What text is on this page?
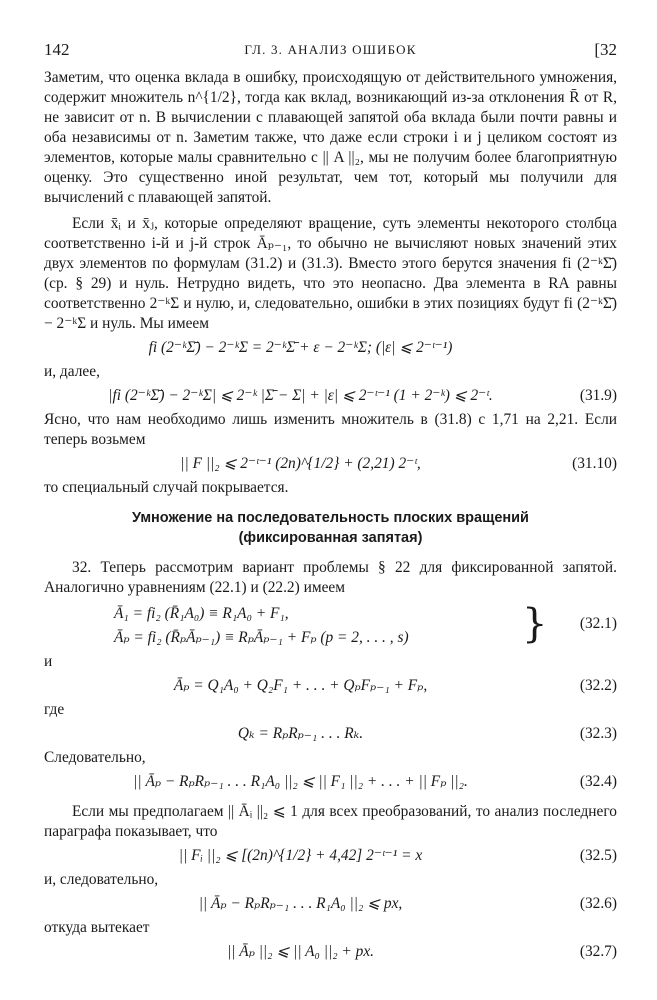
142	ГЛ. 3. АНАЛИЗ ОШИБОК	[32

Заметим, что оценка вклада в ошибку, происходящую от действительного умножения, содержит множитель n^{1/2}, тогда как вклад, возникающий из-за отклонения R̄ от R, не зависит от n. В вычислении с плавающей запятой оба вклада были почти равны и оба независимы от n. Заметим также, что даже если строки i и j целиком состоят из элементов, которые малы сравнительно с || A ||₂, мы не получим более благоприятную оценку. Это существенно иной результат, чем тот, который мы получили для вычислений с плавающей запятой.

Если x̄ᵢ и x̄ⱼ, которые определяют вращение, суть элементы некоторого столбца соответственно i-й и j-й строк Āₚ₋₁, то обычно не вычисляют новых значений этих двух элементов по формулам (31.2) и (31.3). Вместо этого берутся значения fi (2⁻ᵏΣ̄) (ср. § 29) и нуль. Нетрудно видеть, что это неопасно. Два элемента в RA равны соответственно 2⁻ᵏΣ и нулю, и, следовательно, ошибки в этих позициях будут fi (2⁻ᵏΣ̄) − 2⁻ᵏΣ и нуль. Мы имеем

fi (2⁻ᵏΣ̄) − 2⁻ᵏΣ = 2⁻ᵏΣ̄ + ε − 2⁻ᵏΣ; (|ε| ⩽ 2⁻ᵗ⁻¹)

и, далее,

|fi (2⁻ᵏΣ̄) − 2⁻ᵏΣ| ⩽ 2⁻ᵏ |Σ̄ − Σ| + |ε| ⩽ 2⁻ᵗ⁻¹ (1 + 2⁻ᵏ) ⩽ 2⁻ᵗ.	(31.9)

Ясно, что нам необходимо лишь изменить множитель в (31.8) с 1,71 на 2,21. Если теперь возьмем

|| F ||₂ ⩽ 2⁻ᵗ⁻¹ (2n)^{1/2} + (2,21) 2⁻ᵗ,	(31.10)

то специальный случай покрывается.

Умножение на последовательность плоских вращений
(фиксированная запятая)

32. Теперь рассмотрим вариант проблемы § 22 для фиксированной запятой. Аналогично уравнениям (22.1) и (22.2) имеем

Ā₁ = fi₂ (R̄₁A₀) ≡ R₁A₀ + F₁,
Āₚ = fi₂ (R̄ₚĀₚ₋₁) ≡ RₚĀₚ₋₁ + Fₚ (p = 2, . . . , s)	} (32.1)

и

Āₚ = Q₁A₀ + Q₂F₁ + . . . + QₚFₚ₋₁ + Fₚ,	(32.2)

где

Qₖ = RₚRₚ₋₁ . . . Rₖ.	(32.3)

Следовательно,

|| Āₚ − RₚRₚ₋₁ . . . R₁A₀ ||₂ ⩽ || F₁ ||₂ + . . . + || Fₚ ||₂.	(32.4)

Если мы предполагаем || Āᵢ ||₂ ⩽ 1 для всех преобразований, то анализ последнего параграфа показывает, что

|| Fᵢ ||₂ ⩽ [(2n)^{1/2} + 4,42] 2⁻ᵗ⁻¹ = x	(32.5)

и, следовательно,

|| Āₚ − RₚRₚ₋₁ . . . R₁A₀ ||₂ ⩽ px,	(32.6)

откуда вытекает

|| Āₚ ||₂ ⩽ || A₀ ||₂ + px.	(32.7)
